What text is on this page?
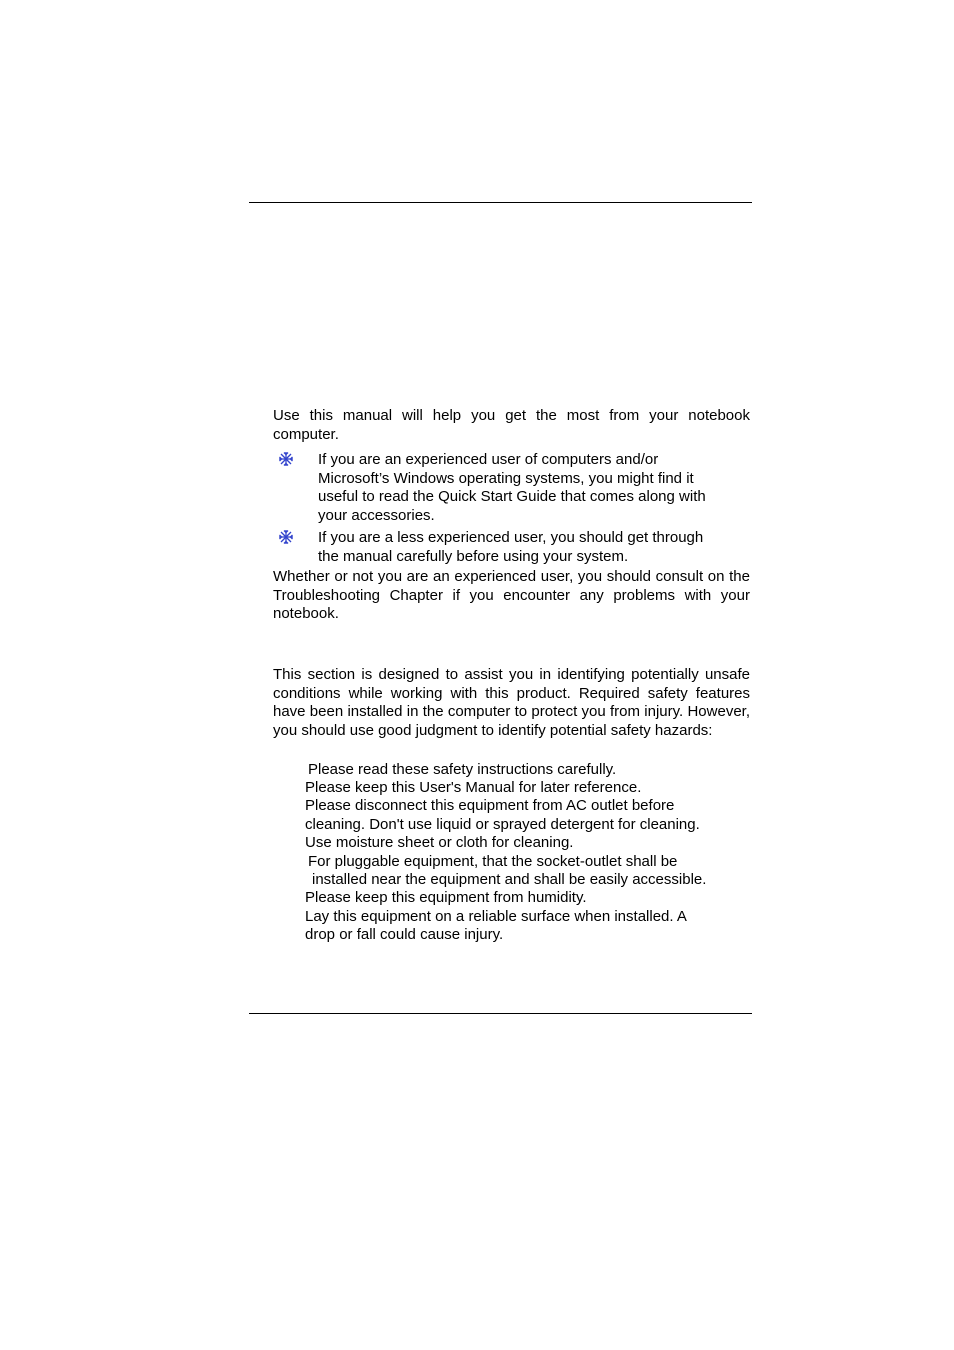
Use this manual will help you get the most from your notebook computer.

If you are an experienced user of computers and/or
Microsoft’s Windows operating systems, you might find it
useful to read the Quick Start Guide that comes along with
your accessories.

If you are a less experienced user, you should get through
the manual carefully before using your system.

Whether or not you are an experienced user, you should consult on the Troubleshooting Chapter if you encounter any problems with your notebook.

This section is designed to assist you in identifying potentially unsafe conditions while working with this product. Required safety features have been installed in the computer to protect you from injury. However, you should use good judgment to identify potential safety hazards:

Please read these safety instructions carefully.

Please keep this User's Manual for later reference.

Please disconnect this equipment from AC outlet before

cleaning. Don't use liquid or sprayed detergent for cleaning.

Use moisture sheet or cloth for cleaning.

For pluggable equipment, that the socket-outlet shall be

installed near the equipment and shall be easily accessible.

Please keep this equipment from humidity.

Lay this equipment on a reliable surface when installed. A

drop or fall could cause injury.
